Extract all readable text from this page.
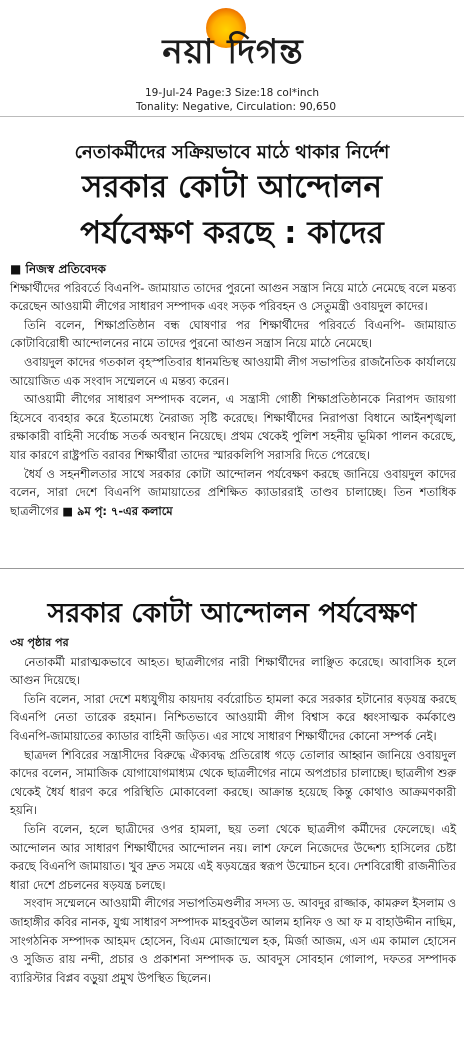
নয়া দিগন্ত
19-Jul-24 Page:3 Size:18 col*inch

Tonality: Negative, Circulation: 90,650
নেতাকর্মীদের সক্রিয়ভাবে মাঠে থাকার নির্দেশ
সরকার কোটা আন্দোলন
পর্যবেক্ষণ করছে : কাদের
■ নিজস্ব প্রতিবেদক

শিক্ষার্থীদের পরিবর্তে বিএনপি- জামায়াত তাদের পুরনো আগুন সন্ত্রাস নিয়ে মাঠে নেমেছে বলে মন্তব্য করেছেন আওয়ামী লীগের সাধারণ সম্পাদক এবং সড়ক পরিবহন ও সেতুমন্ত্রী ওবায়দুল কাদের।

তিনি বলেন, শিক্ষাপ্রতিষ্ঠান বন্ধ ঘোষণার পর শিক্ষার্থীদের পরিবর্তে বিএনপি- জামায়াত কোটাবিরোধী আন্দোলনের নামে তাদের পুরনো আগুন সন্ত্রাস নিয়ে মাঠে নেমেছে।

ওবায়দুল কাদের গতকাল বৃহস্পতিবার ধানমন্ডিস্থ আওয়ামী লীগ সভাপতির রাজনৈতিক কার্যালয়ে আয়োজিত এক সংবাদ সম্মেলনে এ মন্তব্য করেন।

আওয়ামী লীগের সাধারণ সম্পাদক বলেন, এ সন্ত্রাসী গোষ্ঠী শিক্ষাপ্রতিষ্ঠানকে নিরাপদ জায়গা হিসেবে ব্যবহার করে ইতোমধ্যে নৈরাজ্য সৃষ্টি করেছে। শিক্ষার্থীদের নিরাপত্তা বিধানে আইনশৃঙ্খলা রক্ষাকারী বাহিনী সর্বোচ্চ সতর্ক অবস্থান নিয়েছে। প্রথম থেকেই পুলিশ সহনীয় ভূমিকা পালন করেছে, যার কারণে রাষ্ট্রপতি বরাবর শিক্ষার্থীরা তাদের স্মারকলিপি সরাসরি দিতে পেরেছে।

ধৈর্য ও সহনশীলতার সাথে সরকার কোটা আন্দোলন পর্যবেক্ষণ করছে জানিয়ে ওবায়দুল কাদের বলেন, সারা দেশে বিএনপি জামায়াতের প্রশিক্ষিত ক্যাডাররাই তাণ্ডব চালাচ্ছে। তিন শতাধিক ছাত্রলীগের ■ ৯ম পৃ: ৭-এর কলামে

সরকার কোটা আন্দোলন পর্যবেক্ষণ
৩য় পৃষ্ঠার পর

নেতাকর্মী মারাত্মকভাবে আহত। ছাত্রলীগের নারী শিক্ষার্থীদের লাঞ্ছিত করেছে। আবাসিক হলে আগুন দিয়েছে।

তিনি বলেন, সারা দেশে মধ্যযুগীয় কায়দায় বর্বরোচিত হামলা করে সরকার হটানোর ষড়যন্ত্র করছে বিএনপি নেতা তারেক রহমান। নিশ্চিতভাবে আওয়ামী লীগ বিশ্বাস করে ধ্বংসাত্মক কর্মকাণ্ডে বিএনপি-জামায়াতের ক্যাডার বাহিনী জড়িত। এর সাথে সাধারণ শিক্ষার্থীদের কোনো সম্পর্ক নেই।

ছাত্রদল শিবিরের সন্ত্রাসীদের বিরুদ্ধে ঐক্যবদ্ধ প্রতিরোধ গড়ে তোলার আহ্বান জানিয়ে ওবায়দুল কাদের বলেন, সামাজিক যোগাযোগমাধ্যম থেকে ছাত্রলীগের নামে অপপ্রচার চালাচ্ছে। ছাত্রলীগ শুরু থেকেই ধৈর্য ধারণ করে পরিস্থিতি মোকাবেলা করছে। আক্রান্ত হয়েছে কিন্তু কোথাও আক্রমণকারী হয়নি।

তিনি বলেন, হলে ছাত্রীদের ওপর হামলা, ছয় তলা থেকে ছাত্রলীগ কর্মীদের ফেলেছে। এই আন্দোলন আর সাধারণ শিক্ষার্থীদের আন্দোলন নয়। লাশ ফেলে নিজেদের উদ্দেশ্য হাসিলের চেষ্টা করছে বিএনপি জামায়াত। খুব দ্রুত সময়ে এই ষড়যন্ত্রের স্বরূপ উন্মোচন হবে। দেশবিরোধী রাজনীতির ধারা দেশে প্রচলনের ষড়যন্ত্র চলছে।

সংবাদ সম্মেলনে আওয়ামী লীগের সভাপতিমণ্ডলীর সদস্য ড. আবদুর রাজ্জাক, কামরুল ইসলাম ও জাহাঙ্গীর কবির নানক, যুগ্ম সাধারণ সম্পাদক মাহবুবউল আলম হানিফ ও আ ফ ম বাহাউদ্দীন নাছিম, সাংগঠনিক সম্পাদক আহমদ হোসেন, বিএম মোজাম্মেল হক, মির্জা আজম, এস এম কামাল হোসেন ও সুজিত রায় নন্দী, প্রচার ও প্রকাশনা সম্পাদক ড. আবদুস সোবহান গোলাপ, দফতর সম্পাদক ব্যারিস্টার বিপ্লব বড়ুয়া প্রমুখ উপস্থিত ছিলেন।
